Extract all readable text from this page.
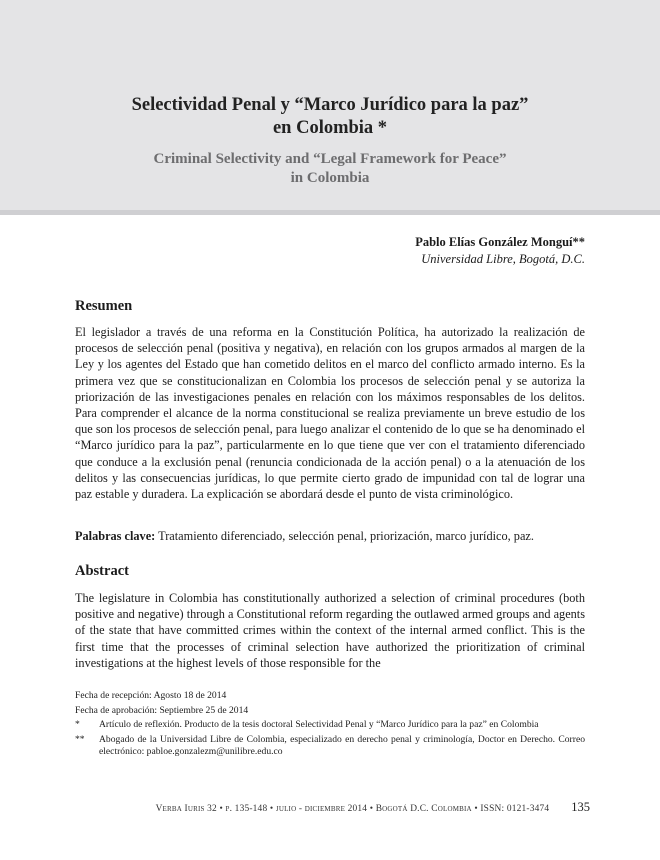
Selectividad Penal y “Marco Jurídico para la paz”
en Colombia *
Criminal Selectivity and “Legal Framework for Peace”
in Colombia
Pablo Elías González Monguí**
Universidad Libre, Bogotá, D.C.
Resumen

El legislador a través de una reforma en la Constitución Política, ha autorizado la realización de procesos de selección penal (positiva y negativa), en relación con los grupos armados al margen de la Ley y los agentes del Estado que han cometido delitos en el marco del conflicto armado interno. Es la primera vez que se constitucionalizan en Colombia los procesos de selección penal y se autoriza la priorización de las investigaciones penales en relación con los máximos responsables de los delitos. Para comprender el alcance de la norma constitucional se realiza previamente un breve estudio de los que son los procesos de selección penal, para luego analizar el contenido de lo que se ha denominado el “Marco jurídico para la paz”, particularmente en lo que tiene que ver con el tratamiento diferenciado que conduce a la exclusión penal (renuncia condicionada de la acción penal) o a la atenuación de los delitos y las consecuencias jurídicas, lo que permite cierto grado de impunidad con tal de lograr una paz estable y duradera. La explicación se abordará desde el punto de vista criminológico.

Palabras clave: Tratamiento diferenciado, selección penal, priorización, marco jurídico, paz.
Abstract

The legislature in Colombia has constitutionally authorized a selection of criminal procedures (both positive and negative) through a Constitutional reform regarding the outlawed armed groups and agents of the state that have committed crimes within the context of the internal armed conflict. This is the first time that the processes of criminal selection have authorized the prioritization of criminal investigations at the highest levels of those responsible for the

Fecha de recepción: Agosto 18 de 2014
Fecha de aprobación: Septiembre 25 de 2014
*	Artículo de reflexión. Producto de la tesis doctoral Selectividad Penal y “Marco Jurídico para la paz” en Colombia
**	Abogado de la Universidad Libre de Colombia, especializado en derecho penal y criminología, Doctor en Derecho. Correo electrónico: pabloe.gonzalezm@unilibre.edu.co
Verba Iuris 32 • p. 135-148 • julio - diciembre 2014 • Bogotá D.C. Colombia • ISSN: 0121-3474 135
